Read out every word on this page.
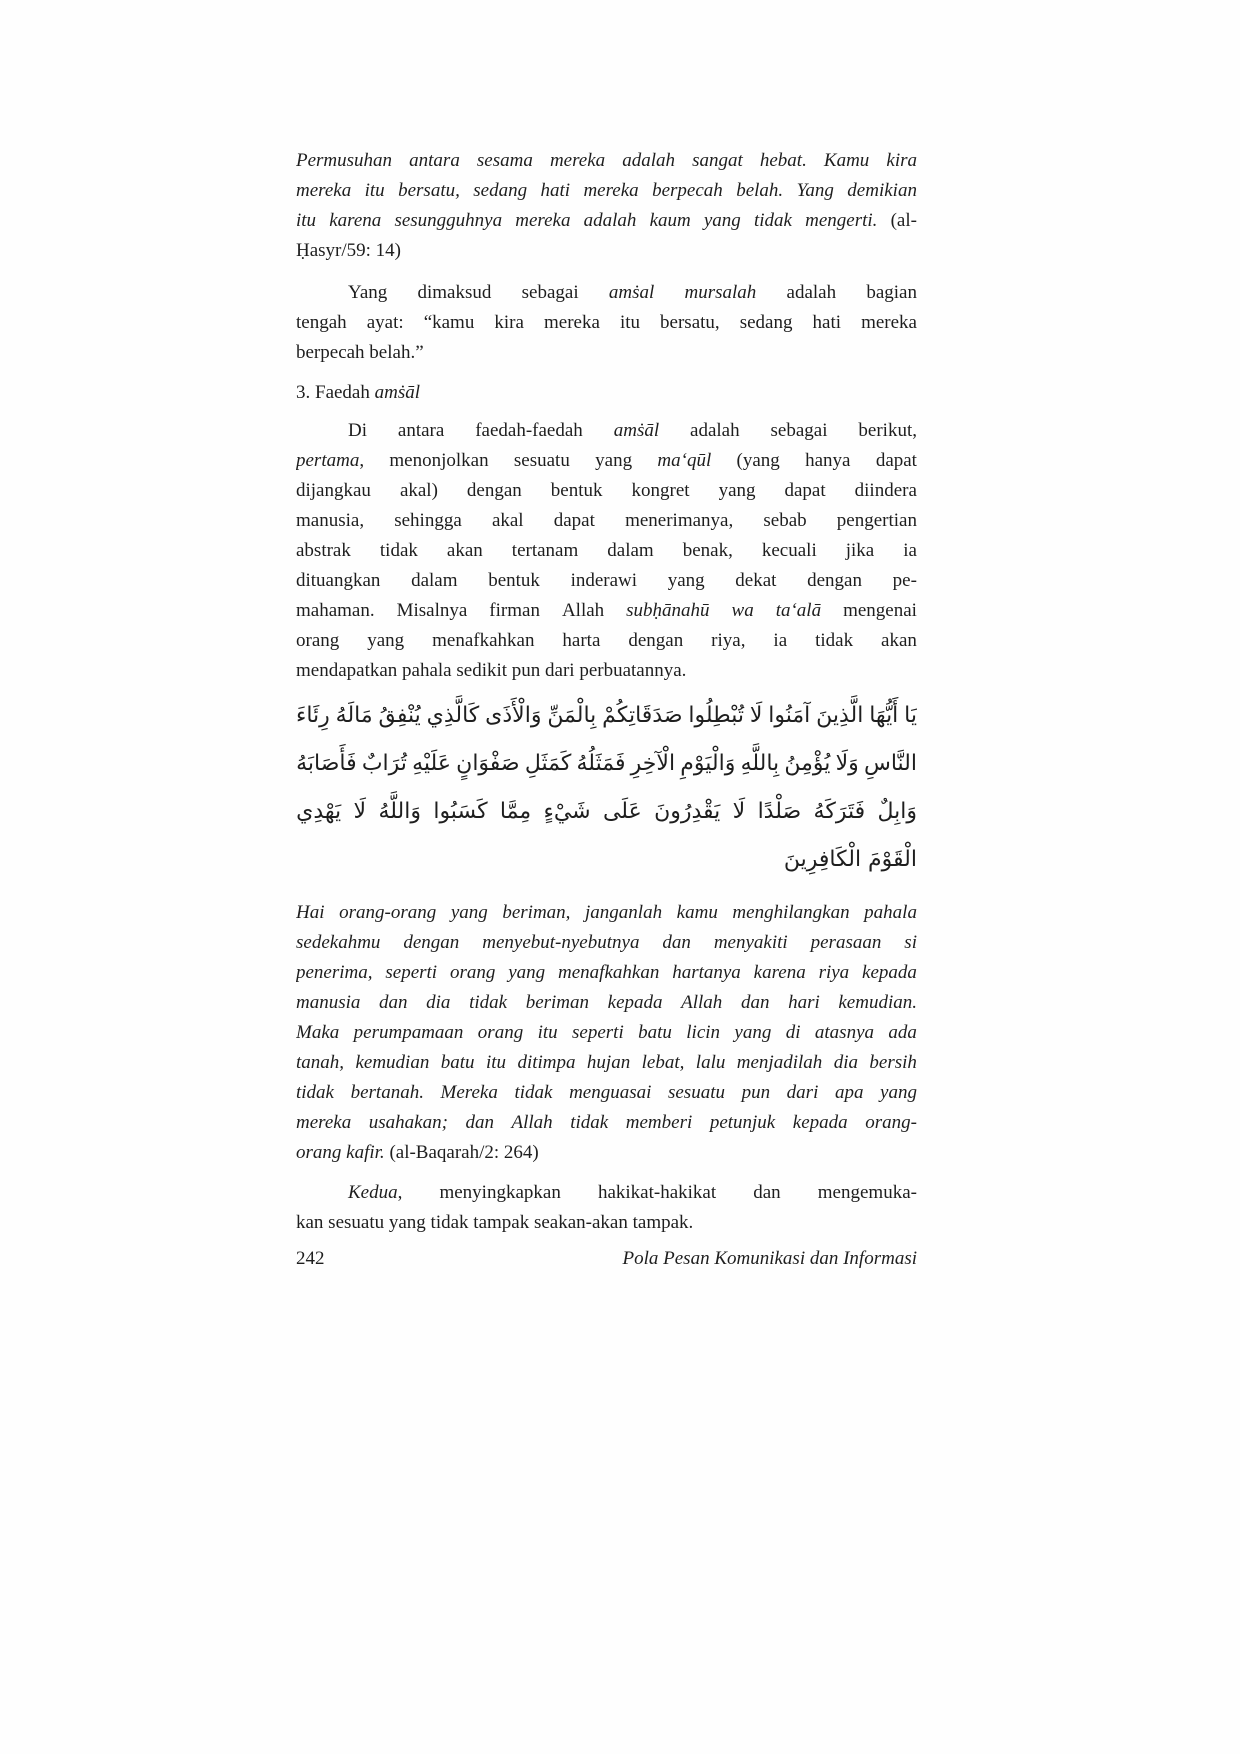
Permusuhan antara sesama mereka adalah sangat hebat. Kamu kira
mereka itu bersatu, sedang hati mereka berpecah belah. Yang demikian
itu karena sesungguhnya mereka adalah kaum yang tidak mengerti. (al-
Ḥasyr/59: 14)
Yang dimaksud sebagai amṡal mursalah adalah bagian
tengah ayat: “kamu kira mereka itu bersatu, sedang hati mereka
berpecah belah.”
3. Faedah amṡāl
Di antara faedah-faedah amṡāl adalah sebagai berikut,
pertama, menonjolkan sesuatu yang ma‘qūl (yang hanya dapat
dijangkau akal) dengan bentuk kongret yang dapat diindera
manusia, sehingga akal dapat menerimanya, sebab pengertian
abstrak tidak akan tertanam dalam benak, kecuali jika ia
dituangkan dalam bentuk inderawi yang dekat dengan pe-
mahaman. Misalnya firman Allah subḥānahū wa ta‘alā mengenai
orang yang menafkahkan harta dengan riya, ia tidak akan
mendapatkan pahala sedikit pun dari perbuatannya.
يَا
أَيُّهَا
الَّذِينَ
آمَنُوا
لَا
تُبْطِلُوا
صَدَقَاتِكُمْ
بِالْمَنِّ
وَالْأَذَى
كَالَّذِي
يُنْفِقُ
مَالَهُ
رِئَاءَ
النَّاسِ
وَلَا
يُؤْمِنُ
بِاللَّهِ
وَالْيَوْمِ
الْآخِرِ
فَمَثَلُهُ
كَمَثَلِ
صَفْوَانٍ
عَلَيْهِ
تُرَابٌ
فَأَصَابَهُ
وَابِلٌ
فَتَرَكَهُ
صَلْدًا
لَا
يَقْدِرُونَ
عَلَى
شَيْءٍ
مِمَّا
كَسَبُوا
وَاللَّهُ
لَا
يَهْدِي
الْقَوْمَ الْكَافِرِينَ
Hai orang-orang yang beriman, janganlah kamu menghilangkan pahala
sedekahmu dengan menyebut-nyebutnya dan menyakiti perasaan si
penerima, seperti orang yang menafkahkan hartanya karena riya kepada
manusia dan dia tidak beriman kepada Allah dan hari kemudian.
Maka perumpamaan orang itu seperti batu licin yang di atasnya ada
tanah, kemudian batu itu ditimpa hujan lebat, lalu menjadilah dia bersih
tidak bertanah. Mereka tidak menguasai sesuatu pun dari apa yang
mereka usahakan; dan Allah tidak memberi petunjuk kepada orang-
orang kafir. (al-Baqarah/2: 264)
Kedua, menyingkapkan hakikat-hakikat dan mengemuka-
kan sesuatu yang tidak tampak seakan-akan tampak.
242	Pola Pesan Komunikasi dan Informasi
